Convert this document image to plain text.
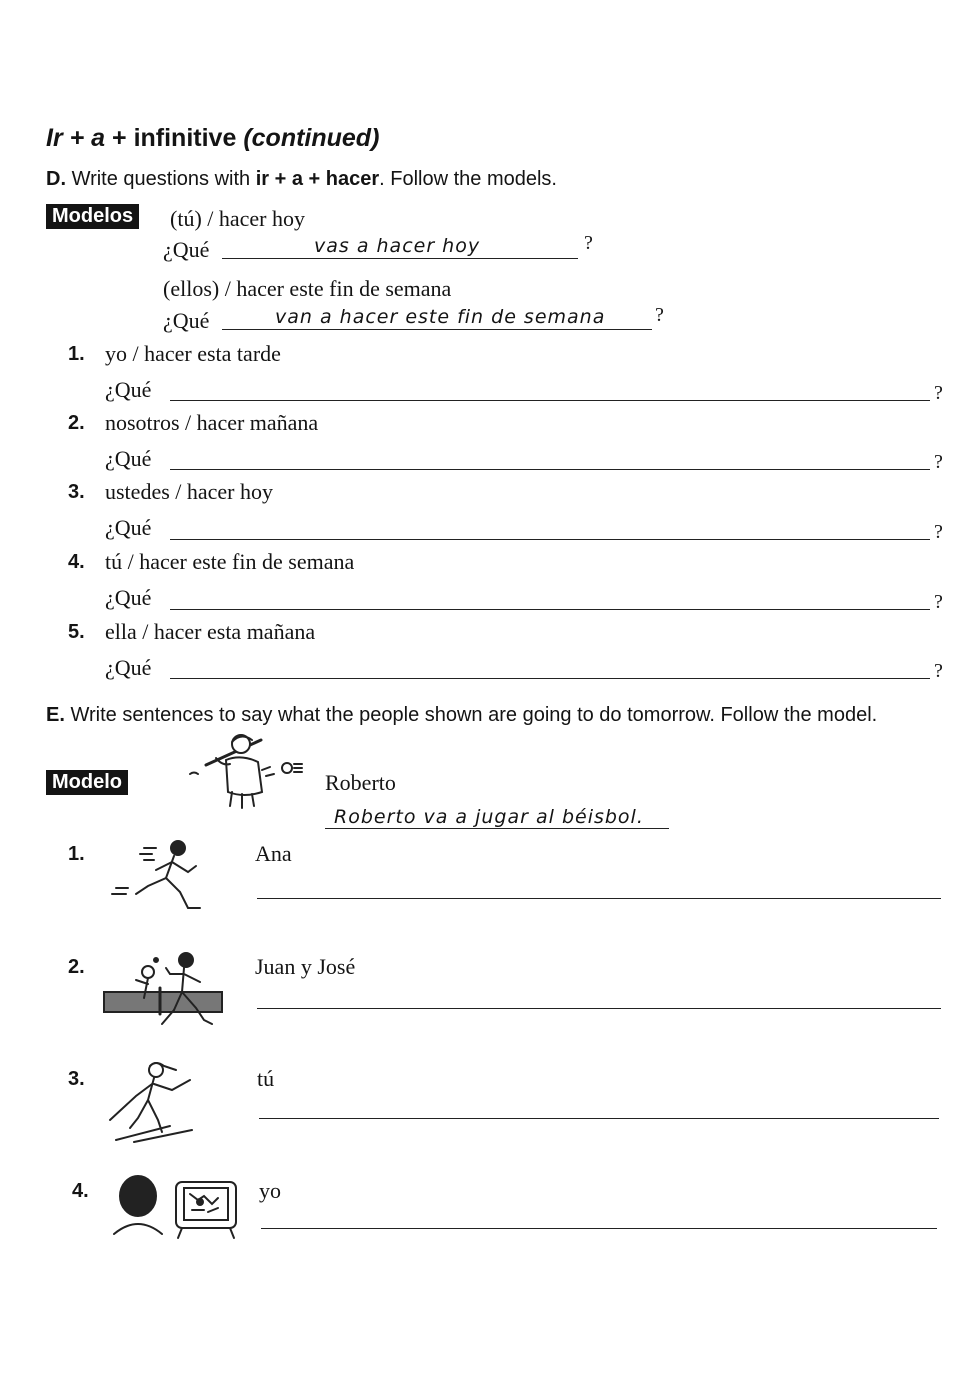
Ir + a + infinitive (continued)
D. Write questions with ir + a + hacer. Follow the models.
Modelos (tú) / hacer hoy
¿Qué	vas a hacer hoy	?
(ellos) / hacer este fin de semana
¿Qué	van a hacer este fin de semana ?
1. yo / hacer esta tarde
¿Qué	?
2. nosotros / hacer mañana
¿Qué	?
3. ustedes / hacer hoy
¿Qué	?
4. tú / hacer este fin de semana
¿Qué	?
5. ella / hacer esta mañana
¿Qué	?
E. Write sentences to say what the people shown are going to do tomorrow. Follow the model.
Modelo	Roberto
Roberto va a jugar al béisbol.
1.	Ana
2.	Juan y José
3.	tú
4.	yo
